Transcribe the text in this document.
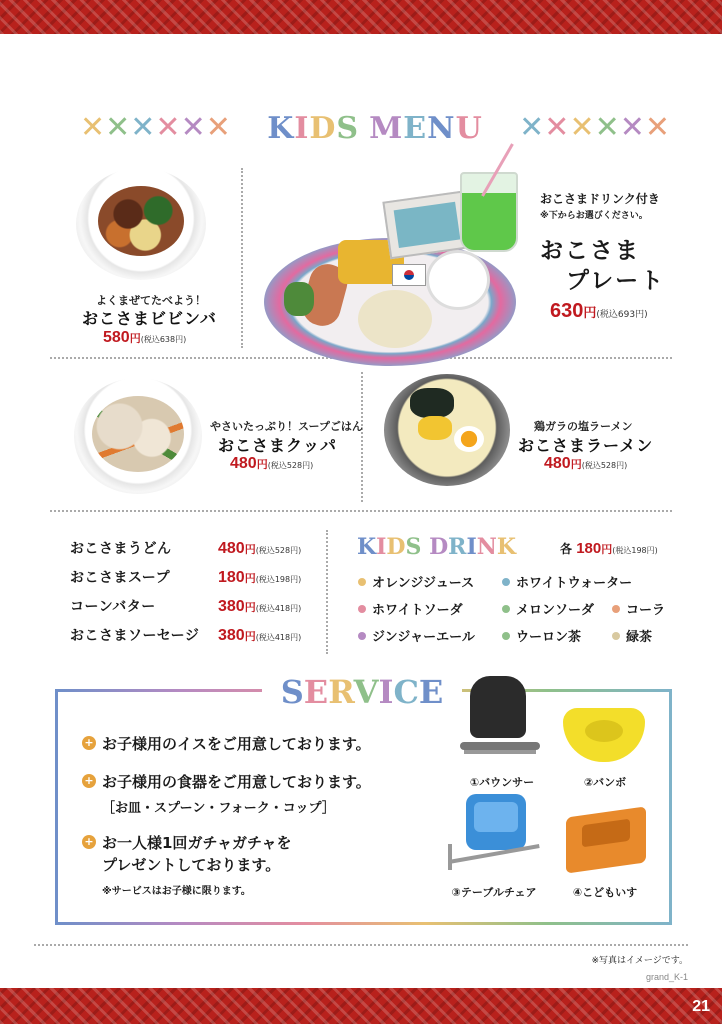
✕ ✕ ✕ ✕ ✕ ✕ KIDS MENU ✕ ✕ ✕ ✕ ✕ ✕
よくまぜてたべよう！
おこさまビビンバ
580円(税込638円)
おこさまドリンク付き
※下からお選びください。
おこさま
プレート
630円(税込693円)
やさいたっぷり！スープごはん
おこさまクッパ
480円(税込528円)
鶏ガラの塩ラーメン
おこさまラーメン
480円(税込528円)
おこさまうどん	480円(税込528円)
おこさまスープ	180円(税込198円)
コーンバター	380円(税込418円)
おこさまソーセージ	380円(税込418円)
KIDS DRINK	各 180円(税込198円)
オレンジジュース	ホワイトウォーター
ホワイトソーダ	メロンソーダ コーラ
ジンジャーエール	ウーロン茶	緑茶
SERVICE
+ お子様用のイスをご用意しております。
+ お子様用の食器をご用意しております。
［お皿・スプーン・フォーク・コップ］
+ お一人様1回ガチャガチャを
プレゼントしております。
※サービスはお子様に限ります。
①バウンサー	②バンボ
③テーブルチェア	④こどもいす
※写真はイメージです。
grand_K-1
21
